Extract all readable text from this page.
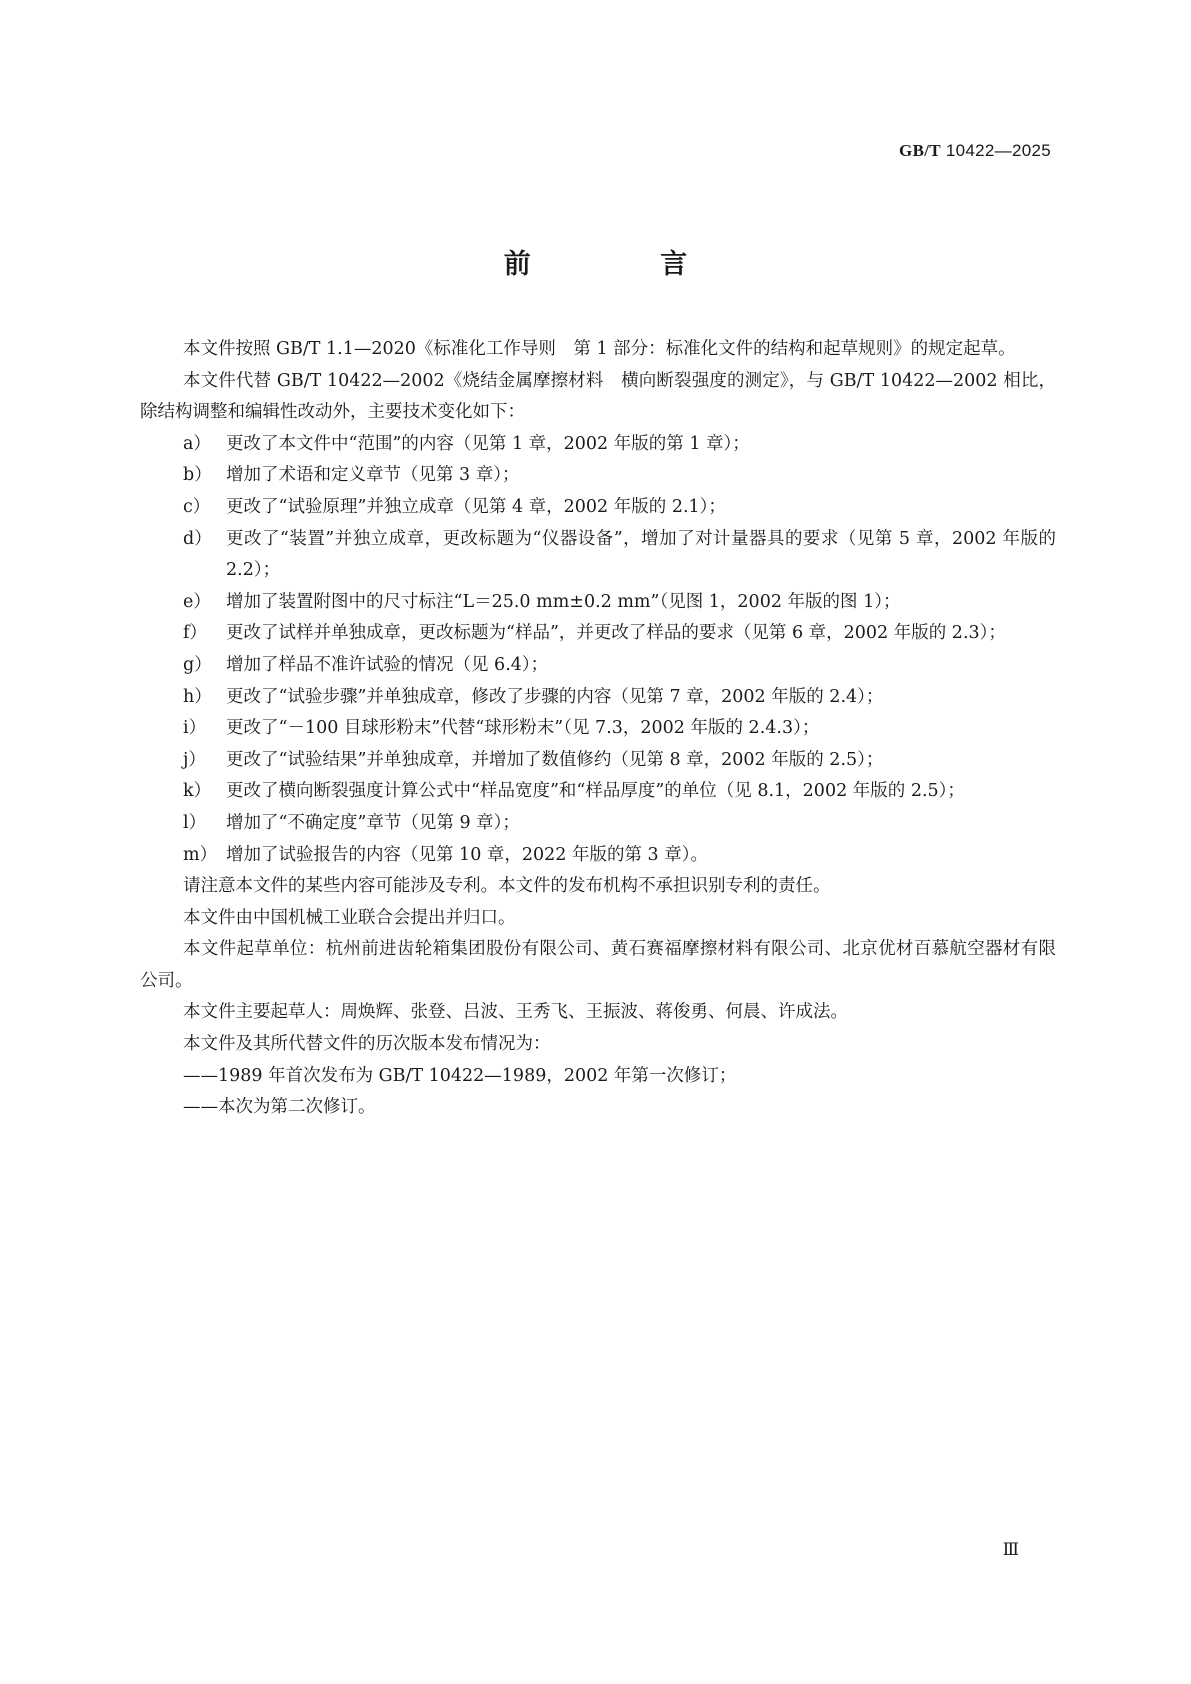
GB/T 10422—2025
前 言

本文件按照 GB/T 1.1—2020《标准化工作导则　第 1 部分：标准化文件的结构和起草规则》的规定起草。

本文件代替 GB/T 10422—2002《烧结金属摩擦材料　横向断裂强度的测定》，与 GB/T 10422—2002 相比，除结构调整和编辑性改动外，主要技术变化如下：

a） 更改了本文件中“范围”的内容（见第 1 章，2002 年版的第 1 章）；
b） 增加了术语和定义章节（见第 3 章）；
c） 更改了“试验原理”并独立成章（见第 4 章，2002 年版的 2.1）；
d） 更改了“装置”并独立成章，更改标题为“仪器设备”，增加了对计量器具的要求（见第 5 章，2002 年版的 2.2）；
e） 增加了装置附图中的尺寸标注“L＝25.0 mm±0.2 mm”（见图 1，2002 年版的图 1）；
f）	更改了试样并单独成章，更改标题为“样品”，并更改了样品的要求（见第 6 章，2002 年版的 2.3）；
g） 增加了样品不准许试验的情况（见 6.4）；
h） 更改了“试验步骤”并单独成章，修改了步骤的内容（见第 7 章，2002 年版的 2.4）；
i）	更改了“－100 目球形粉末”代替“球形粉末”（见 7.3，2002 年版的 2.4.3）；
j）	更改了“试验结果”并单独成章，并增加了数值修约（见第 8 章，2002 年版的 2.5）；
k） 更改了横向断裂强度计算公式中“样品宽度”和“样品厚度”的单位（见 8.1，2002 年版的 2.5）；
l）	增加了“不确定度”章节（见第 9 章）；
m） 增加了试验报告的内容（见第 10 章，2022 年版的第 3 章）。

请注意本文件的某些内容可能涉及专利。本文件的发布机构不承担识别专利的责任。

本文件由中国机械工业联合会提出并归口。

本文件起草单位：杭州前进齿轮箱集团股份有限公司、黄石赛福摩擦材料有限公司、北京优材百慕航空器材有限公司。

本文件主要起草人：周焕辉、张登、吕波、王秀飞、王振波、蒋俊勇、何晨、许成法。

本文件及其所代替文件的历次版本发布情况为：

——1989 年首次发布为 GB/T 10422—1989，2002 年第一次修订；

——本次为第二次修订。

Ⅲ
